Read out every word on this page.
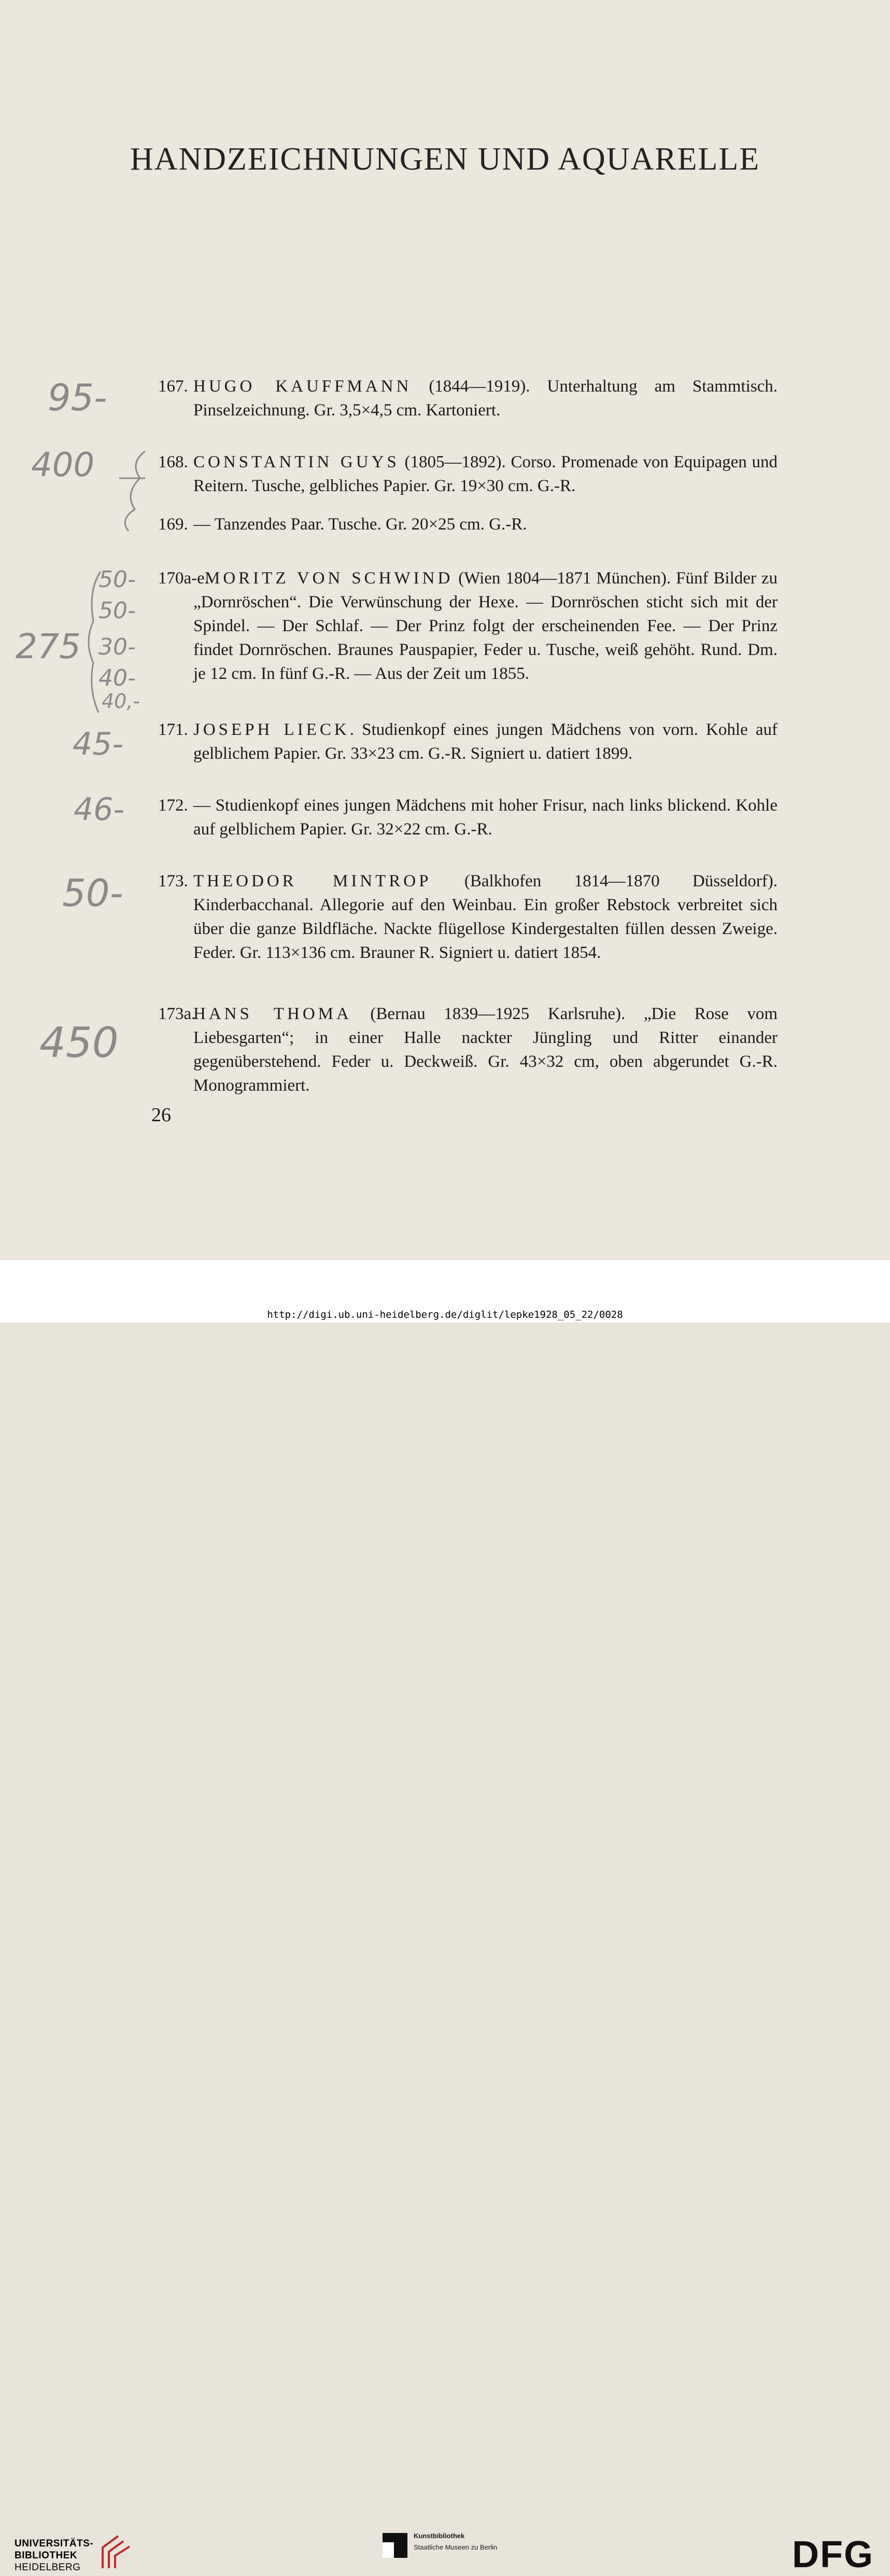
HANDZEICHNUNGEN UND AQUARELLE
167. HUGO KAUFFMANN (1844—1919). Unterhaltung am Stammtisch. Pinselzeichnung. Gr. 3,5×4,5 cm. Kartoniert.
168. CONSTANTIN GUYS (1805—1892). Corso. Promenade von Equipagen und Reitern. Tusche, gelbliches Papier. Gr. 19×30 cm. G.-R.
169. — Tanzendes Paar. Tusche. Gr. 20×25 cm. G.-R.
170a-e.
MORITZ VON SCHWIND (Wien 1804—1871 München). Fünf Bilder zu „Dornröschen“. Die Verwünschung der Hexe. — Dornröschen sticht sich mit der Spindel. — Der Schlaf. — Der Prinz folgt der erscheinenden Fee. — Der Prinz findet Dornröschen. Braunes Pauspapier, Feder u. Tusche, weiß gehöht. Rund. Dm. je 12 cm. In fünf G.-R. — Aus der Zeit um 1855.
171. JOSEPH LIECK. Studienkopf eines jungen Mädchens von vorn. Kohle auf gelblichem Papier. Gr. 33×23 cm. G.-R. Signiert u. datiert 1899.
172. — Studienkopf eines jungen Mädchens mit hoher Frisur, nach links blickend. Kohle auf gelblichem Papier. Gr. 32×22 cm. G.-R.
173. THEODOR MINTROP (Balkhofen 1814—1870 Düsseldorf). Kinderbacchanal. Allegorie auf den Weinbau. Ein großer Rebstock verbreitet sich über die ganze Bildfläche. Nackte flügellose Kindergestalten füllen dessen Zweige. Feder. Gr. 113×136 cm. Brauner R. Signiert u. datiert 1854.
173a.
HANS THOMA (Bernau 1839—1925 Karlsruhe). „Die Rose vom Liebesgarten“; in einer Halle nackter Jüngling und Ritter einander gegenüberstehend. Feder u. Deckweiß. Gr. 43×32 cm, oben abgerundet G.-R. Monogrammiert.
95-
400
50-
50-
275 30-
40-
40,-
45-
46-
50-
450
26
UNIVERSITÄTS-
BIBLIOTHEK
HEIDELBERG
Kunstbibliothek
Staatliche Museen zu Berlin	DFG
http://digi.ub.uni-heidelberg.de/diglit/lepke1928_05_22/0028
